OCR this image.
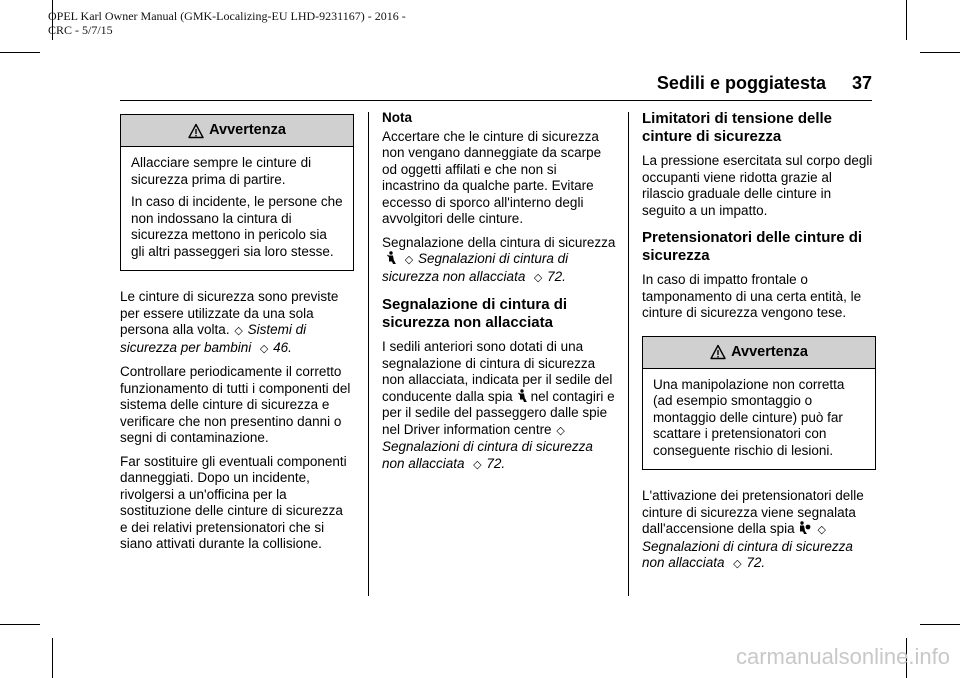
OPEL Karl Owner Manual (GMK-Localizing-EU LHD-9231167) - 2016 -
CRC - 5/7/15
Sedili e poggiatesta 37
Avvertenza

Allacciare sempre le cinture di sicurezza prima di partire.

In caso di incidente, le persone che non indossano la cintura di sicurezza mettono in pericolo sia gli altri passeggeri sia loro stesse.

Le cinture di sicurezza sono previste per essere utilizzate da una sola persona alla volta. ◇ Sistemi di sicurezza per bambini ◇ 46.

Controllare periodicamente il corretto funzionamento di tutti i componenti del sistema delle cinture di sicurezza e verificare che non presentino danni o segni di contaminazione.

Far sostituire gli eventuali componenti danneggiati. Dopo un incidente, rivolgersi a un'officina per la sostituzione delle cinture di sicurezza e dei relativi pretensionatori che si siano attivati durante la collisione.

Nota

Accertare che le cinture di sicurezza non vengano danneggiate da scarpe od oggetti affilati e che non si incastrino da qualche parte. Evitare eccesso di sporco all'interno degli avvolgitori delle cinture.

Segnalazione della cintura di sicurezza◇ Segnalazioni di cintura di sicurezza non allacciata ◇ 72.

Segnalazione di cintura di sicurezza non allacciata

I sedili anteriori sono dotati di una segnalazione di cintura di sicurezza non allacciata, indicata per il sedile del conducente dalla spia nel contagiri e per il sedile del passeggero dalle spie nel Driver information centre ◇Segnalazioni di cintura di sicurezza non allacciata ◇ 72.

Limitatori di tensione delle cinture di sicurezza

La pressione esercitata sul corpo degli occupanti viene ridotta grazie al rilascio graduale delle cinture in seguito a un impatto.

Pretensionatori delle cinture di sicurezza

In caso di impatto frontale o tamponamento di una certa entità, le cinture di sicurezza vengono tese.

Avvertenza

Una manipolazione non corretta (ad esempio smontaggio o montaggio delle cinture) può far scattare i pretensionatori con conseguente rischio di lesioni.

L'attivazione dei pretensionatori delle cinture di sicurezza viene segnalata dall'accensione della spia ◇Segnalazioni di cintura di sicurezza non allacciata ◇ 72.

carmanualsonline.info
